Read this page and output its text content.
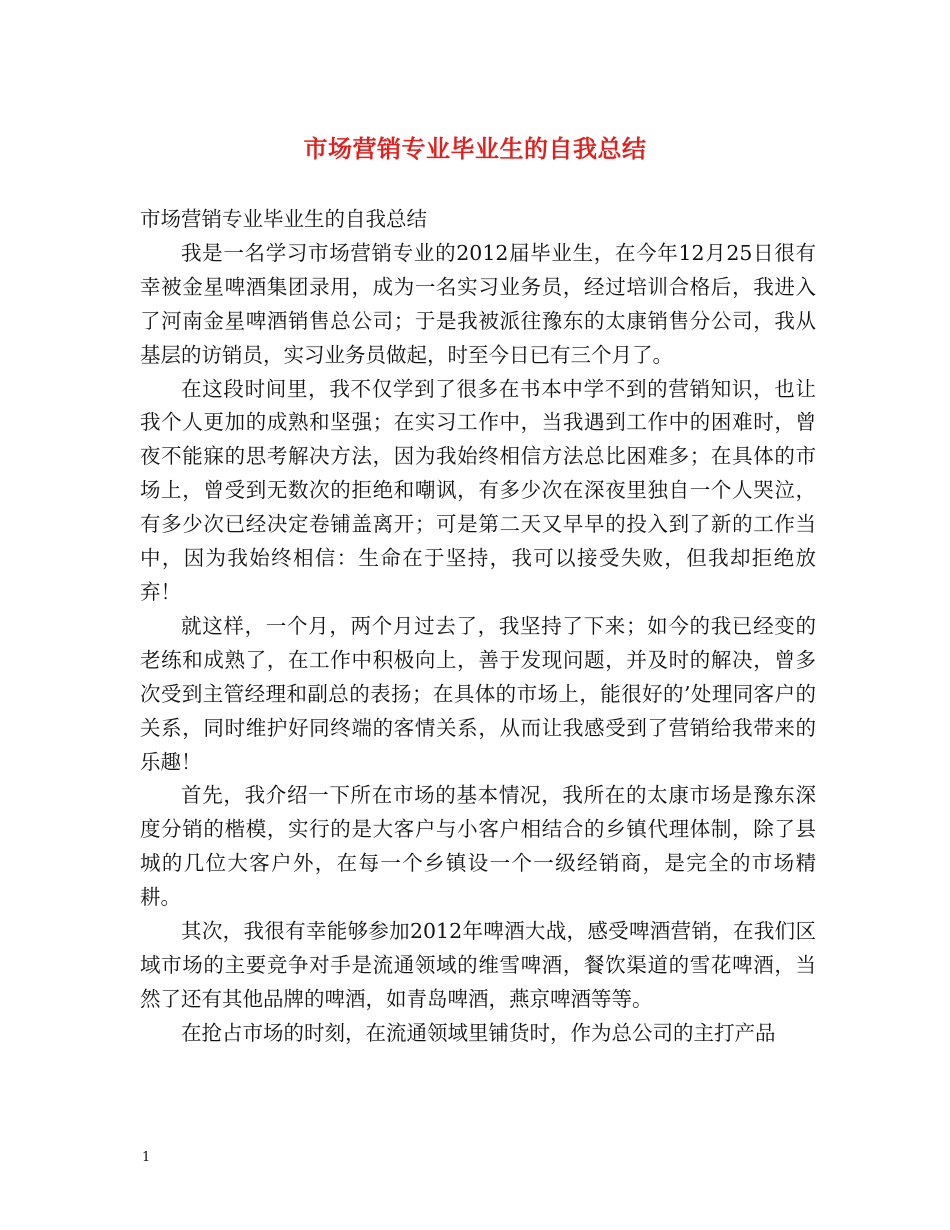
市场营销专业毕业生的自我总结

市场营销专业毕业生的自我总结

我是一名学习市场营销专业的2012届毕业生，在今年12月25日很有幸被金星啤酒集团录用，成为一名实习业务员，经过培训合格后，我进入了河南金星啤酒销售总公司；于是我被派往豫东的太康销售分公司，我从基层的访销员，实习业务员做起，时至今日已有三个月了。

在这段时间里，我不仅学到了很多在书本中学不到的营销知识，也让我个人更加的成熟和坚强；在实习工作中，当我遇到工作中的困难时，曾夜不能寐的思考解决方法，因为我始终相信方法总比困难多；在具体的市场上，曾受到无数次的拒绝和嘲讽，有多少次在深夜里独自一个人哭泣，有多少次已经决定卷铺盖离开；可是第二天又早早的投入到了新的工作当中，因为我始终相信：生命在于坚持，我可以接受失败，但我却拒绝放弃！

就这样，一个月，两个月过去了，我坚持了下来；如今的我已经变的老练和成熟了，在工作中积极向上，善于发现问题，并及时的解决，曾多次受到主管经理和副总的表扬；在具体的市场上，能很好的’处理同客户的关系，同时维护好同终端的客情关系，从而让我感受到了营销给我带来的乐趣！

首先，我介绍一下所在市场的基本情况，我所在的太康市场是豫东深度分销的楷模，实行的是大客户与小客户相结合的乡镇代理体制，除了县城的几位大客户外，在每一个乡镇设一个一级经销商，是完全的市场精耕。

其次，我很有幸能够参加2012年啤酒大战，感受啤酒营销，在我们区域市场的主要竞争对手是流通领域的维雪啤酒，餐饮渠道的雪花啤酒，当然了还有其他品牌的啤酒，如青岛啤酒，燕京啤酒等等。

在抢占市场的时刻，在流通领域里铺货时，作为总公司的主打产品

1
